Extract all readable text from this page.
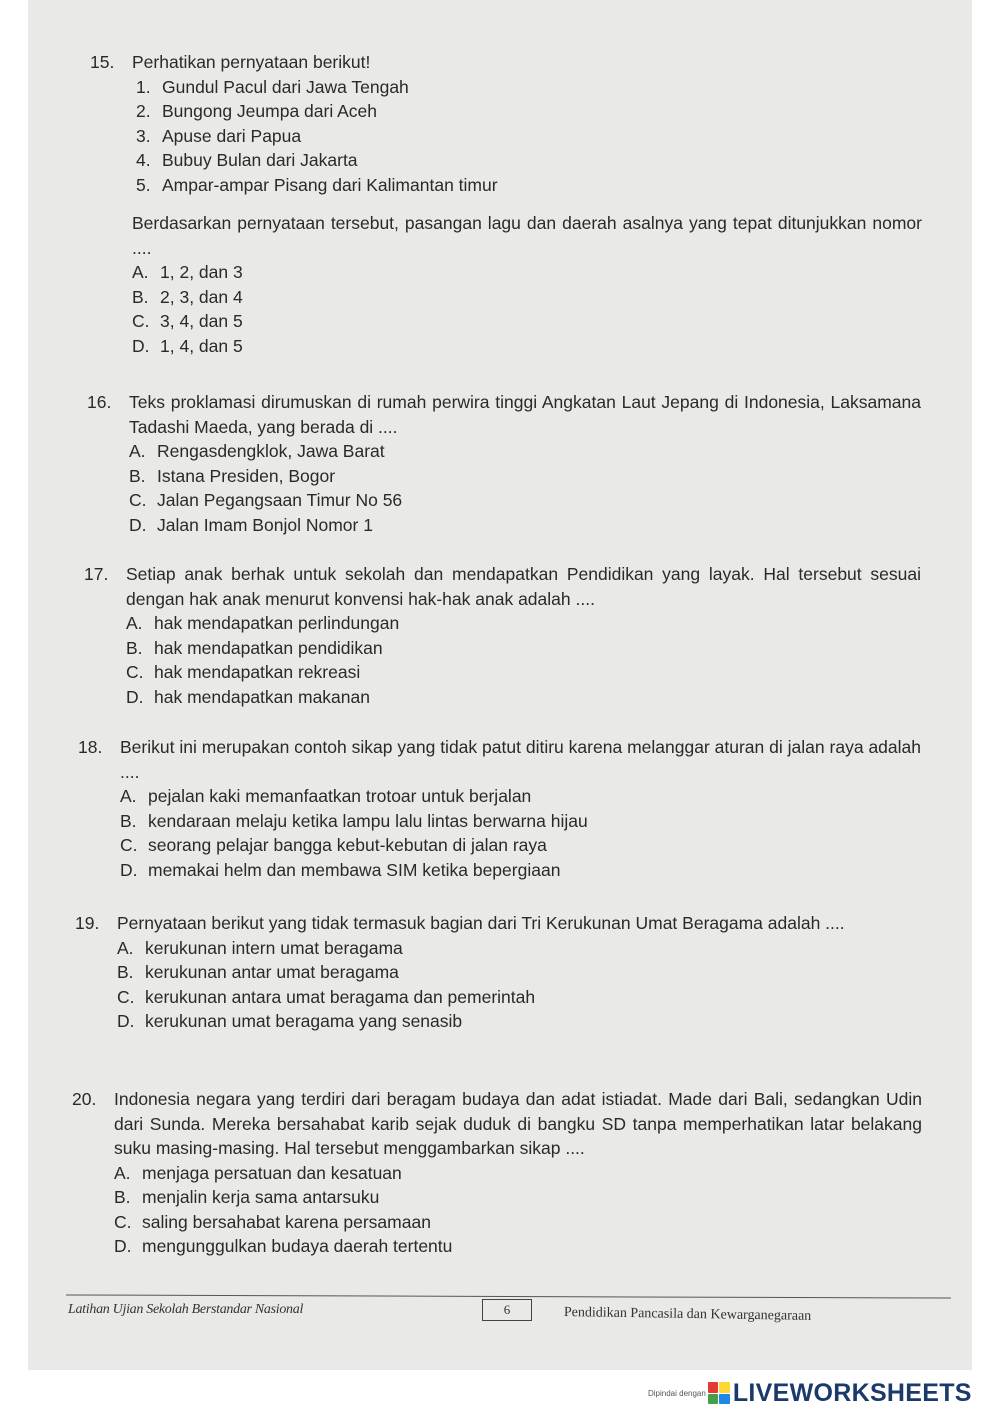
15. Perhatikan pernyataan berikut!
1. Gundul Pacul dari Jawa Tengah
2. Bungong Jeumpa dari Aceh
3. Apuse dari Papua
4. Bubuy Bulan dari Jakarta
5. Ampar-ampar Pisang dari Kalimantan timur

Berdasarkan pernyataan tersebut, pasangan lagu dan daerah asalnya yang tepat ditunjukkan nomor ....

A. 1, 2, dan 3
B. 2, 3, dan 4
C. 3, 4, dan 5
D. 1, 4, dan 5
16. Teks proklamasi dirumuskan di rumah perwira tinggi Angkatan Laut Jepang di Indonesia, Laksamana Tadashi Maeda, yang berada di ....

A. Rengasdengklok, Jawa Barat
B. Istana Presiden, Bogor
C. Jalan Pegangsaan Timur No 56
D. Jalan Imam Bonjol Nomor 1
17. Setiap anak berhak untuk sekolah dan mendapatkan Pendidikan yang layak. Hal tersebut sesuai dengan hak anak menurut konvensi hak-hak anak adalah ....

A. hak mendapatkan perlindungan
B. hak mendapatkan pendidikan
C. hak mendapatkan rekreasi
D. hak mendapatkan makanan
18. Berikut ini merupakan contoh sikap yang tidak patut ditiru karena melanggar aturan di jalan raya adalah ....

A. pejalan kaki memanfaatkan trotoar untuk berjalan
B. kendaraan melaju ketika lampu lalu lintas berwarna hijau
C. seorang pelajar bangga kebut-kebutan di jalan raya
D. memakai helm dan membawa SIM ketika bepergiaan
19. Pernyataan berikut yang tidak termasuk bagian dari Tri Kerukunan Umat Beragama adalah ....

A. kerukunan intern umat beragama
B. kerukunan antar umat beragama
C. kerukunan antara umat beragama dan pemerintah
D. kerukunan umat beragama yang senasib
20. Indonesia negara yang terdiri dari beragam budaya dan adat istiadat. Made dari Bali, sedangkan Udin dari Sunda. Mereka bersahabat karib sejak duduk di bangku SD tanpa memperhatikan latar belakang suku masing-masing. Hal tersebut menggambarkan sikap ....

A. menjaga persatuan dan kesatuan
B. menjalin kerja sama antarsuku
C. saling bersahabat karena persamaan
D. mengunggulkan budaya daerah tertentu
Latihan Ujian Sekolah Berstandar Nasional	6	Pendidikan Pancasila dan Kewarganegaraan
Dipindai dengan LIVEWORKSHEETS
